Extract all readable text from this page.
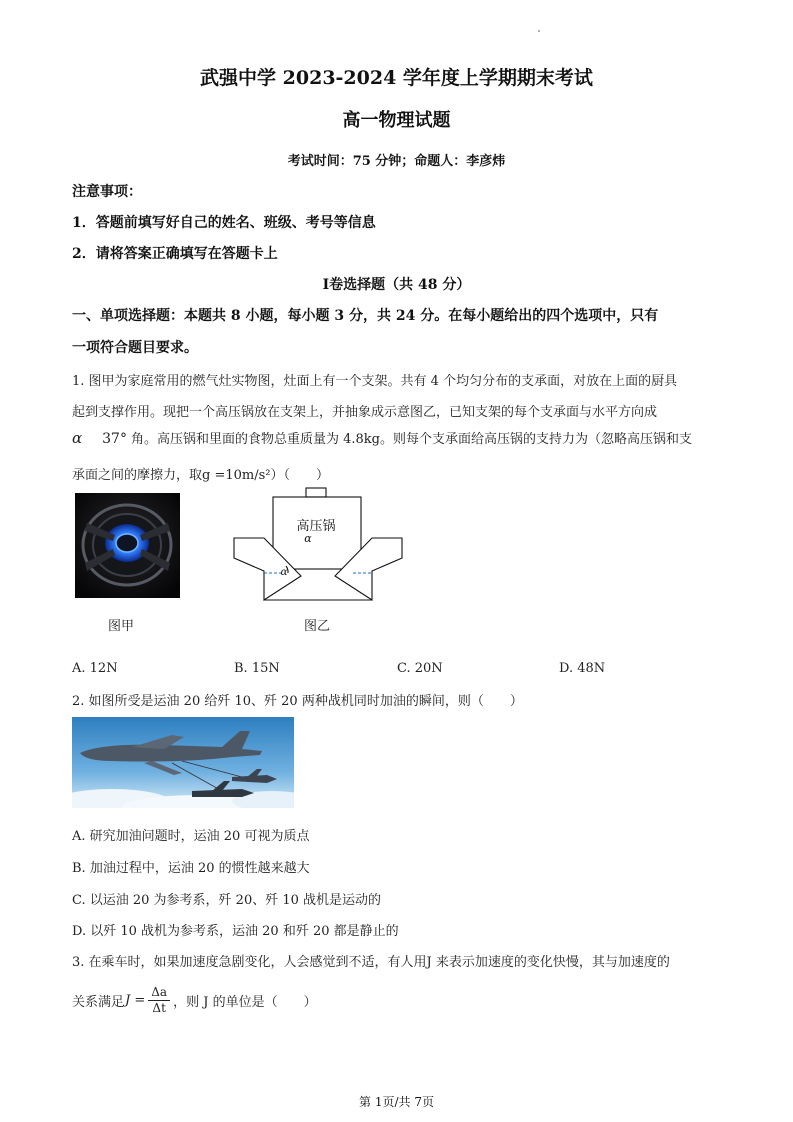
武强中学 2023-2024 学年度上学期期末考试
高一物理试题
考试时间：75 分钟；命题人：李彦炜
注意事项：
1．答题前填写好自己的姓名、班级、考号等信息
2．请将答案正确填写在答题卡上
Ⅰ卷选择题（共 48 分）
一、单项选择题：本题共 8 小题，每小题 3 分，共 24 分。在每小题给出的四个选项中，只有
一项符合题目要求。
1. 图甲为家庭常用的燃气灶实物图，灶面上有一个支架。共有 4 个均匀分布的支承面，对放在上面的厨具
起到支撑作用。现把一个高压锅放在支架上，并抽象成示意图乙，已知支架的每个支承面与水平方向成
α 37° 角。高压锅和里面的食物总重质量为 4.8kg。则每个支承面给高压锅的支持力为（忽略高压锅和支
承面之间的摩擦力，取g =10m/s²）（　　）
图甲
高压锅
α
α
图乙
A. 12N	B. 15N	C. 20N	D. 48N
2. 如图所受是运油 20 给歼 10、歼 20 两种战机同时加油的瞬间，则（　　）
A. 研究加油问题时，运油 20 可视为质点
B. 加油过程中，运油 20 的惯性越来越大
C. 以运油 20 为参考系，歼 20、歼 10 战机是运动的
D. 以歼 10 战机为参考系，运油 20 和歼 20 都是静止的
3. 在乘车时，如果加速度急剧变化，人会感觉到不适，有人用J 来表示加速度的变化快慢，其与加速度的
关系满足 $J = \frac{\Delta a}{\Delta t}$ ，则 J 的单位是（　　）
第 1页/共 7页
